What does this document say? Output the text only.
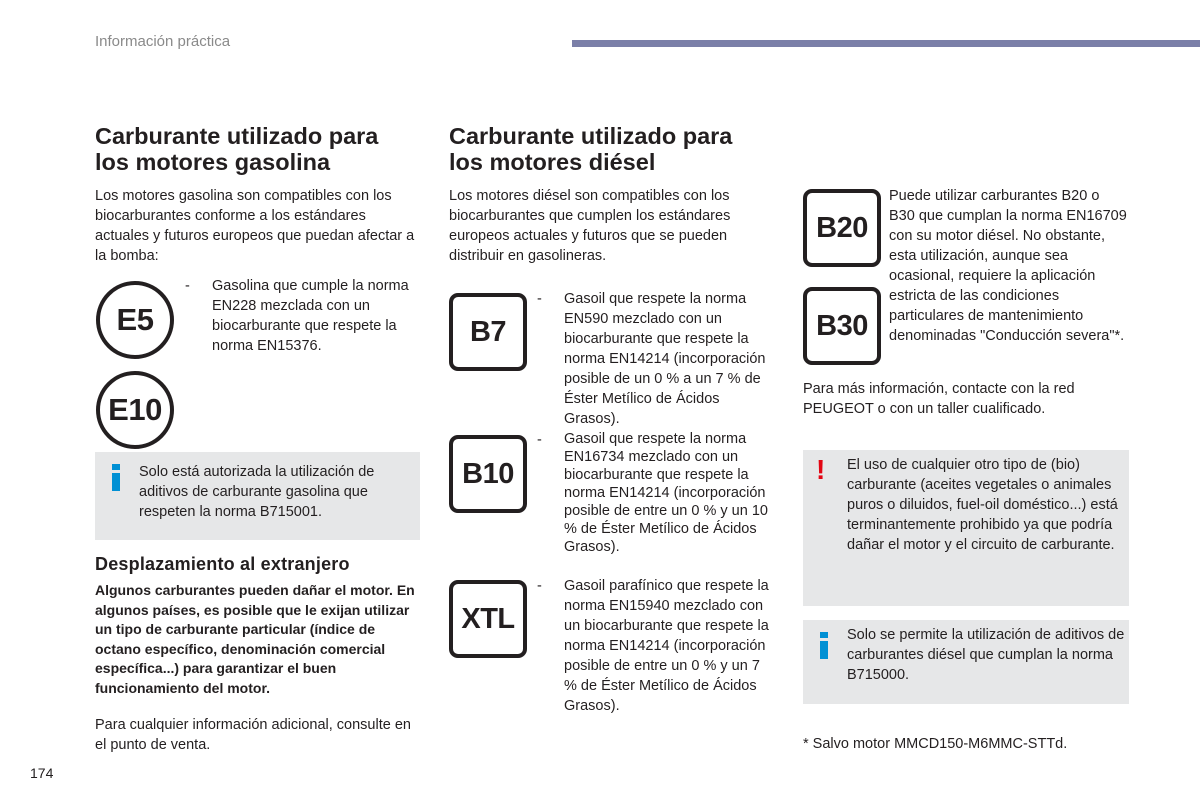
Información práctica
Carburante utilizado para
los motores gasolina
Los motores gasolina son compatibles con los biocarburantes conforme a los estándares actuales y futuros europeos que puedan afectar a la bomba:
E5
E10
- Gasolina que cumple la norma EN228 mezclada con un biocarburante que respete la norma EN15376.
Solo está autorizada la utilización de aditivos de carburante gasolina que respeten la norma B715001.
Desplazamiento al extranjero
Algunos carburantes pueden dañar el motor. En algunos países, es posible que le exijan utilizar un tipo de carburante particular (índice de octano específico, denominación comercial específica...) para garantizar el buen funcionamiento del motor.
Para cualquier información adicional, consulte en el punto de venta.
Carburante utilizado para
los motores diésel
Los motores diésel son compatibles con los biocarburantes que cumplen los estándares europeos actuales y futuros que se pueden distribuir en gasolineras.
B7
- Gasoil que respete la norma EN590 mezclado con un biocarburante que respete la norma EN14214 (incorporación posible de un 0 % a un 7 % de Éster Metílico de Ácidos Grasos).
B10
- Gasoil que respete la norma EN16734 mezclado con un biocarburante que respete la norma EN14214 (incorporación posible de entre un 0 % y un 10 % de Éster Metílico de Ácidos Grasos).
XTL
- Gasoil parafínico que respete la norma EN15940 mezclado con un biocarburante que respete la norma EN14214 (incorporación posible de entre un 0 % y un 7 % de Éster Metílico de Ácidos Grasos).
B20
B30
Puede utilizar carburantes B20 o B30 que cumplan la norma EN16709 con su motor diésel. No obstante, esta utilización, aunque sea ocasional, requiere la aplicación estricta de las condiciones particulares de mantenimiento denominadas "Conducción severa"*.
Para más información, contacte con la red PEUGEOT o con un taller cualificado.
! El uso de cualquier otro tipo de (bio) carburante (aceites vegetales o animales puros o diluidos, fuel-oil doméstico...) está terminantemente prohibido ya que podría dañar el motor y el circuito de carburante.
Solo se permite la utilización de aditivos de carburantes diésel que cumplan la norma B715000.
* Salvo motor MMCD150-M6MMC-STTd.
174
